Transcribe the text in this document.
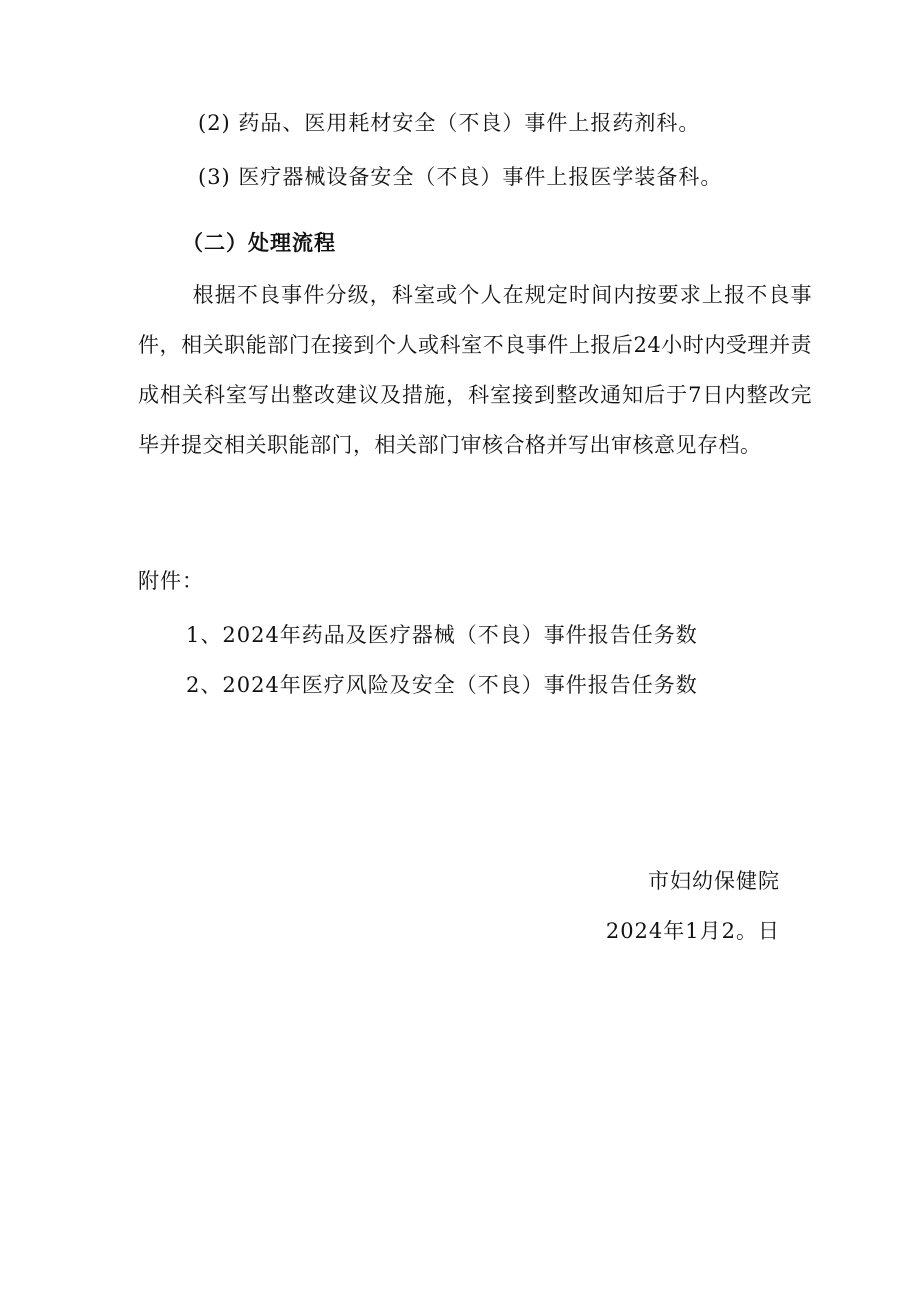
(2) 药品、医用耗材安全（不良）事件上报药剂科。
(3) 医疗器械设备安全（不良）事件上报医学装备科。
（二）处理流程
根据不良事件分级，科室或个人在规定时间内按要求上报不良事件，相关职能部门在接到个人或科室不良事件上报后24小时内受理并责成相关科室写出整改建议及措施，科室接到整改通知后于7日内整改完毕并提交相关职能部门，相关部门审核合格并写出审核意见存档。
附件：
1、2024年药品及医疗器械（不良）事件报告任务数
2、2024年医疗风险及安全（不良）事件报告任务数
市妇幼保健院
2024年1月2。日
